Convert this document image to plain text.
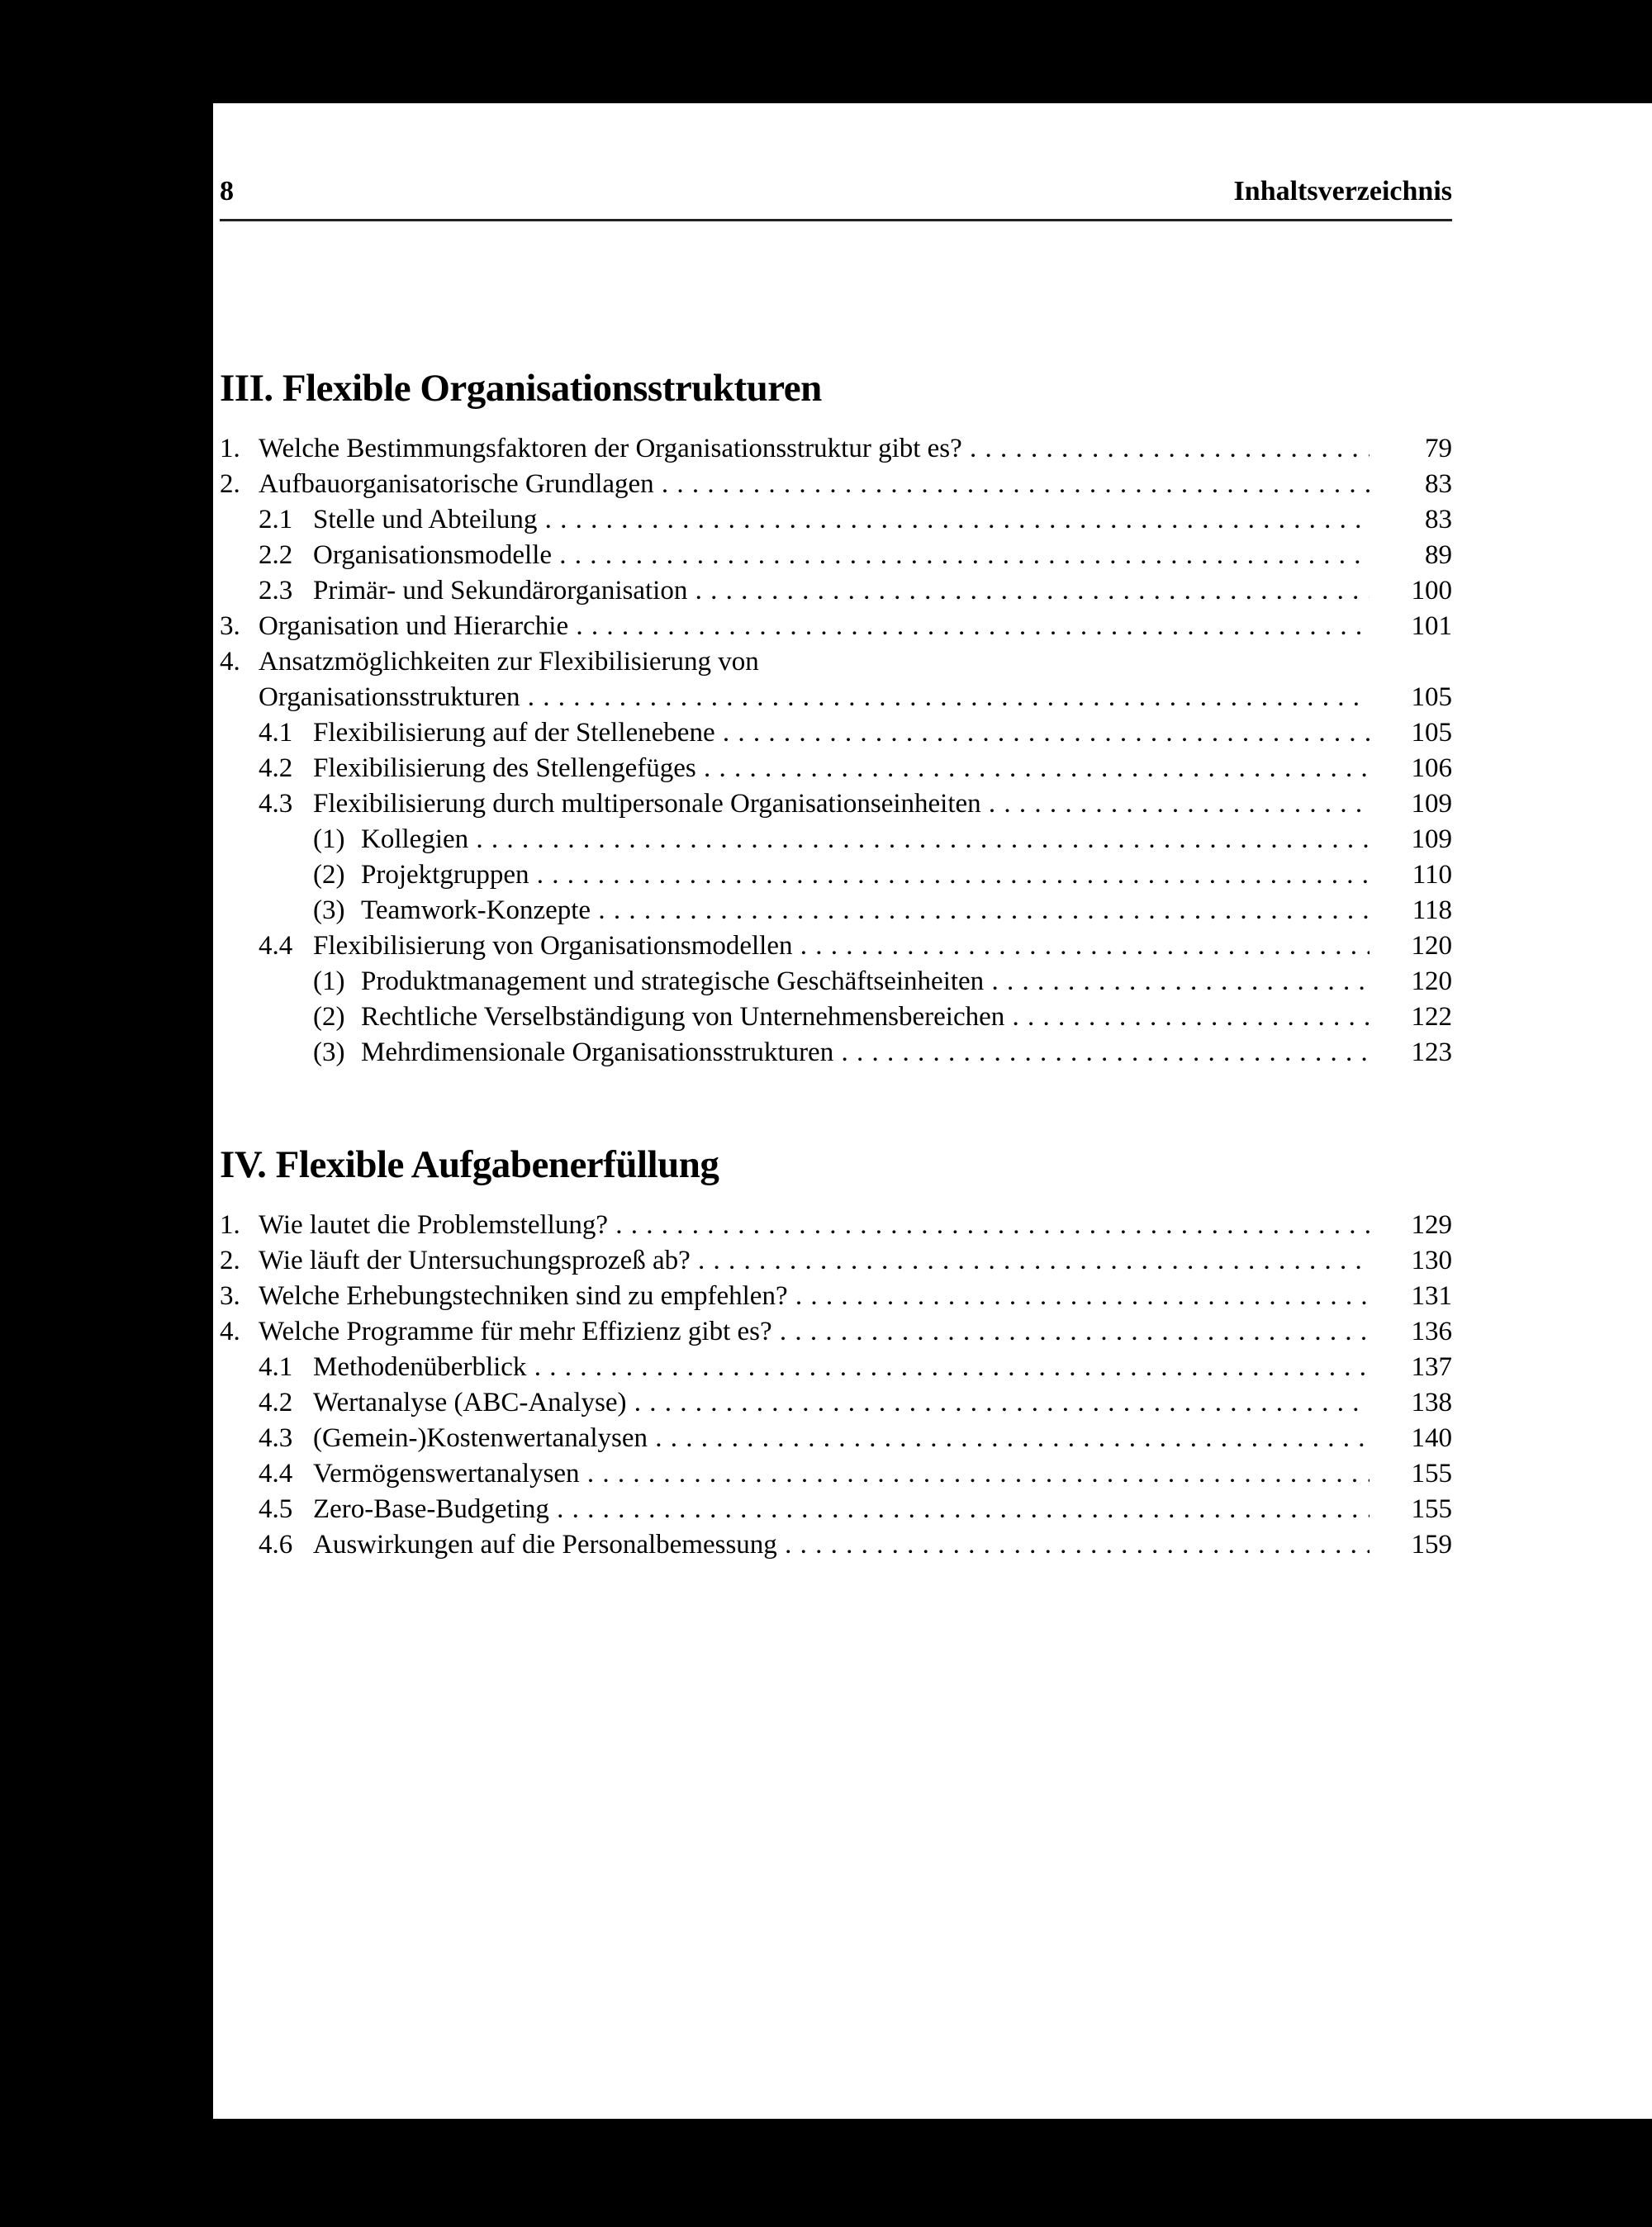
8	Inhaltsverzeichnis
III. Flexible Organisationsstrukturen
1. Welche Bestimmungsfaktoren der Organisationsstruktur gibt es? . . .	79
2. Aufbauorganisatorische Grundlagen . . .	83
2.1 Stelle und Abteilung . . .	83
2.2 Organisationsmodelle . . .	89
2.3 Primär- und Sekundärorganisation . . .	100
3. Organisation und Hierarchie . . .	101
4. Ansatzmöglichkeiten zur Flexibilisierung von
Organisationsstrukturen . . .	105
4.1 Flexibilisierung auf der Stellenebene . . .	105
4.2 Flexibilisierung des Stellengefüges . . .	106
4.3 Flexibilisierung durch multipersonale Organisationseinheiten . . .	109
(1) Kollegien . . .	109
(2) Projektgruppen . . .	110
(3) Teamwork-Konzepte . . .	118
4.4 Flexibilisierung von Organisationsmodellen . . .	120
(1) Produktmanagement und strategische Geschäftseinheiten . . .	120
(2) Rechtliche Verselbständigung von Unternehmensbereichen . . .	122
(3) Mehrdimensionale Organisationsstrukturen . . .	123
IV. Flexible Aufgabenerfüllung
1. Wie lautet die Problemstellung? . . .	129
2. Wie läuft der Untersuchungsprozeß ab? . . .	130
3. Welche Erhebungstechniken sind zu empfehlen? . . .	131
4. Welche Programme für mehr Effizienz gibt es? . . .	136
4.1 Methodenüberblick . . .	137
4.2 Wertanalyse (ABC-Analyse) . . .	138
4.3 (Gemein-)Kostenwertanalysen . . .	140
4.4 Vermögenswertanalysen . . .	155
4.5 Zero-Base-Budgeting . . .	155
4.6 Auswirkungen auf die Personalbemessung . . .	159
